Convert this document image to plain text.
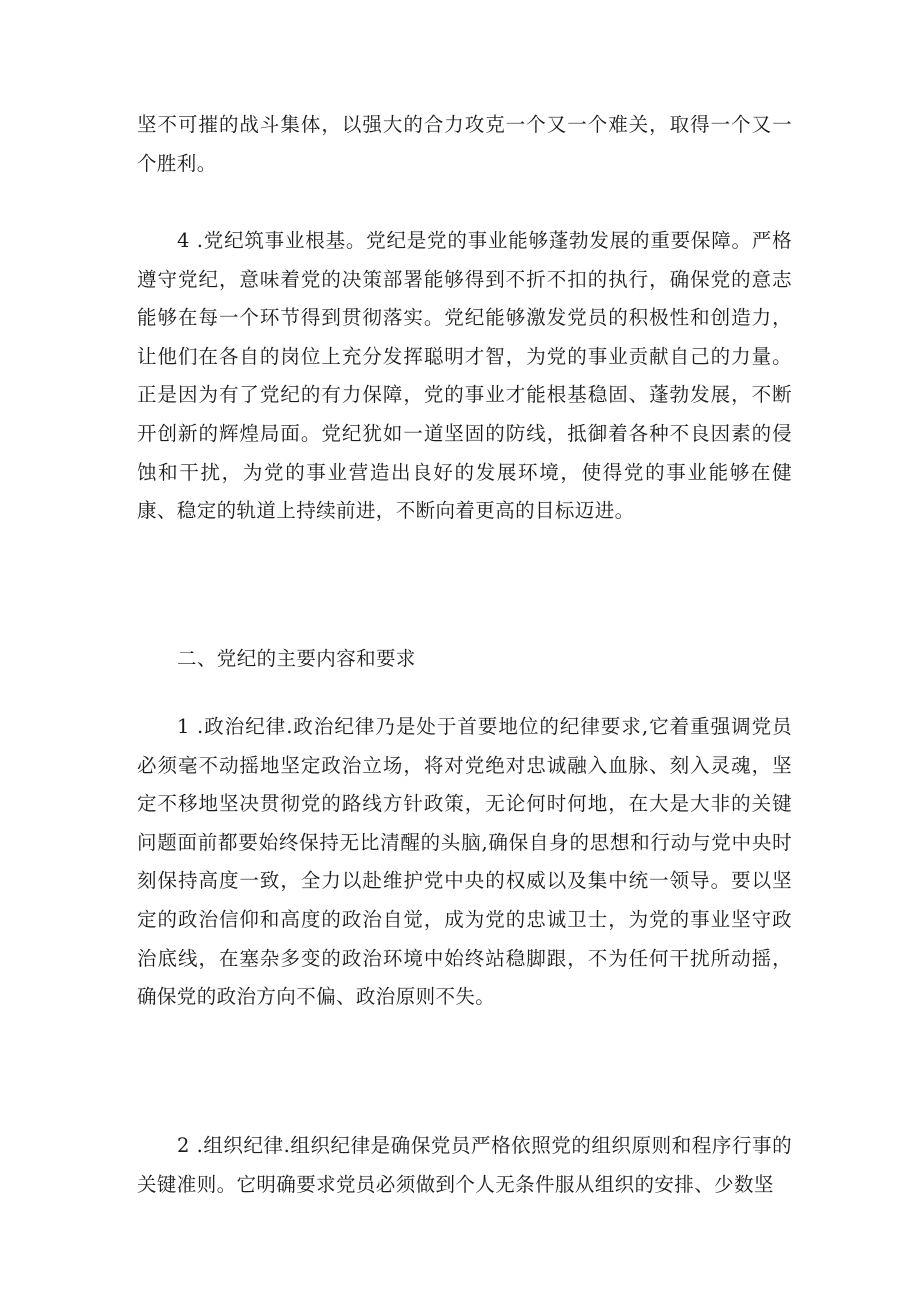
坚不可摧的战斗集体，以强大的合力攻克一个又一个难关，取得一个又一个胜利。

4 .党纪筑事业根基。党纪是党的事业能够蓬勃发展的重要保障。严格遵守党纪，意味着党的决策部署能够得到不折不扣的执行，确保党的意志能够在每一个环节得到贯彻落实。党纪能够激发党员的积极性和创造力，让他们在各自的岗位上充分发挥聪明才智，为党的事业贡献自己的力量。正是因为有了党纪的有力保障，党的事业才能根基稳固、蓬勃发展，不断开创新的辉煌局面。党纪犹如一道坚固的防线，抵御着各种不良因素的侵蚀和干扰，为党的事业营造出良好的发展环境，使得党的事业能够在健康、稳定的轨道上持续前进，不断向着更高的目标迈进。

二、党纪的主要内容和要求

1 .政治纪律.政治纪律乃是处于首要地位的纪律要求,它着重强调党员必须毫不动摇地坚定政治立场，将对党绝对忠诚融入血脉、刻入灵魂，坚定不移地坚决贯彻党的路线方针政策，无论何时何地，在大是大非的关键问题面前都要始终保持无比清醒的头脑,确保自身的思想和行动与党中央时刻保持高度一致，全力以赴维护党中央的权威以及集中统一领导。要以坚定的政治信仰和高度的政治自觉，成为党的忠诚卫士，为党的事业坚守政治底线，在塞杂多变的政治环境中始终站稳脚跟，不为任何干扰所动摇，确保党的政治方向不偏、政治原则不失。

2 .组织纪律.组织纪律是确保党员严格依照党的组织原则和程序行事的关键准则。它明确要求党员必须做到个人无条件服从组织的安排、少数坚
